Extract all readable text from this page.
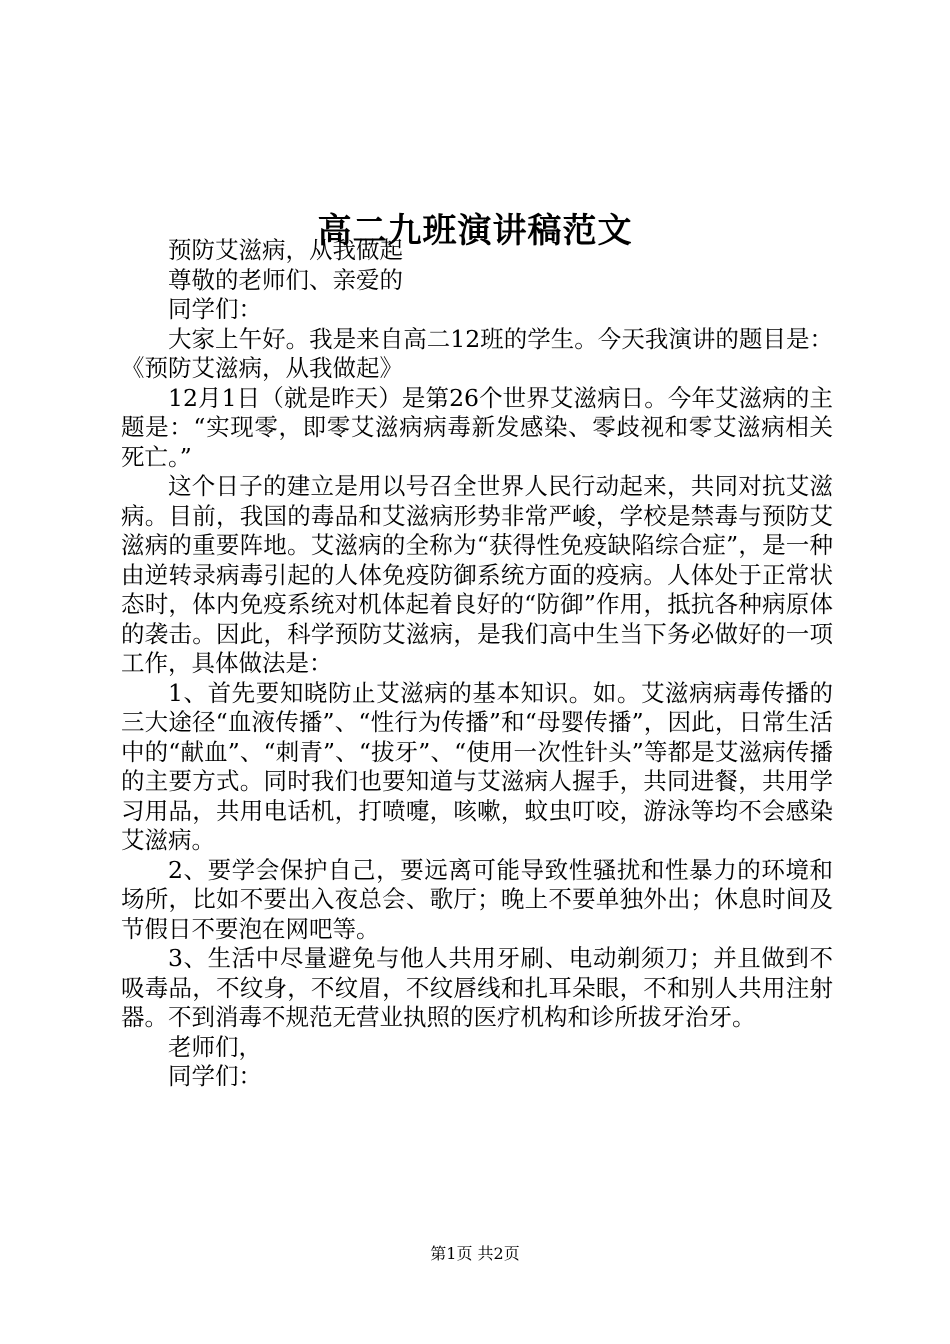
高二九班演讲稿范文

预防艾滋病，从我做起

尊敬的老师们、亲爱的

同学们：

大家上午好。我是来自高二12班的学生。今天我演讲的题目是：《预防艾滋病，从我做起》

12月1日（就是昨天）是第26个世界艾滋病日。今年艾滋病的主题是：“实现零，即零艾滋病病毒新发感染、零歧视和零艾滋病相关死亡。”

这个日子的建立是用以号召全世界人民行动起来，共同对抗艾滋病。目前，我国的毒品和艾滋病形势非常严峻，学校是禁毒与预防艾滋病的重要阵地。艾滋病的全称为“获得性免疫缺陷综合症”，是一种由逆转录病毒引起的人体免疫防御系统方面的疫病。人体处于正常状态时，体内免疫系统对机体起着良好的“防御”作用，抵抗各种病原体的袭击。因此，科学预防艾滋病，是我们高中生当下务必做好的一项工作，具体做法是：

1、首先要知晓防止艾滋病的基本知识。如。艾滋病病毒传播的三大途径“血液传播”、“性行为传播”和“母婴传播”，因此，日常生活中的“献血”、“刺青”、“拔牙”、“使用一次性针头”等都是艾滋病传播的主要方式。同时我们也要知道与艾滋病人握手，共同进餐，共用学习用品，共用电话机，打喷嚏，咳嗽，蚊虫叮咬，游泳等均不会感染艾滋病。

2、要学会保护自己，要远离可能导致性骚扰和性暴力的环境和场所，比如不要出入夜总会、歌厅；晚上不要单独外出；休息时间及节假日不要泡在网吧等。

3、生活中尽量避免与他人共用牙刷、电动剃须刀；并且做到不吸毒品，不纹身，不纹眉，不纹唇线和扎耳朵眼，不和别人共用注射器。不到消毒不规范无营业执照的医疗机构和诊所拔牙治牙。

老师们，

同学们：

第1页 共2页
